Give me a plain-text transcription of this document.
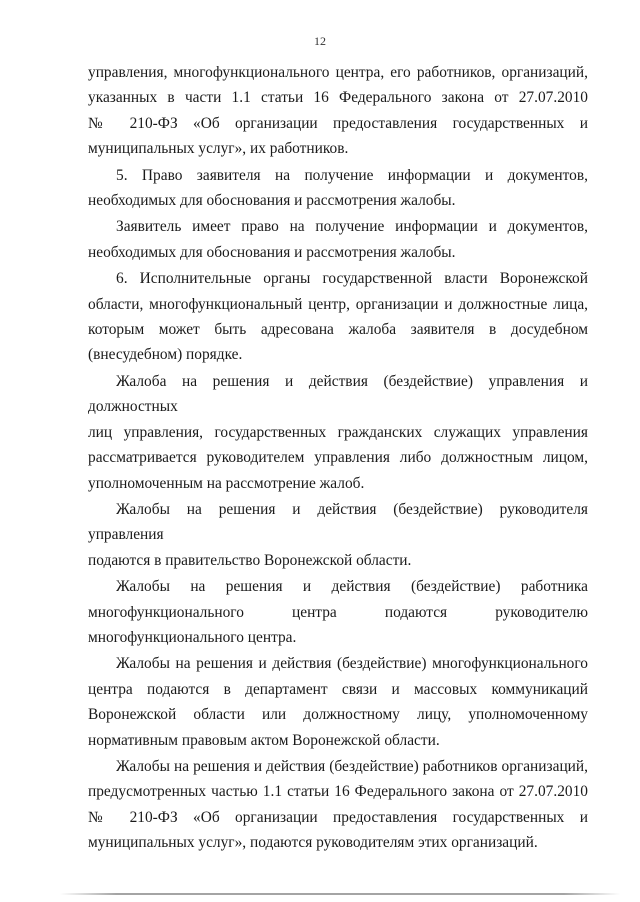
12
управления, многофункционального центра, его работников, организаций,
указанных в части 1.1 статьи 16 Федерального закона от 27.07.2010
№ 210-ФЗ «Об организации предоставления государственных и
муниципальных услуг», их работников.
5. Право заявителя на получение информации и документов,
необходимых для обоснования и рассмотрения жалобы.
Заявитель имеет право на получение информации и документов,
необходимых для обоснования и рассмотрения жалобы.
6. Исполнительные органы государственной власти Воронежской
области, многофункциональный центр, организации и должностные лица,
которым может быть адресована жалоба заявителя в досудебном
(внесудебном) порядке.
Жалоба на решения и действия (бездействие) управления и должностных
лиц управления, государственных гражданских служащих управления
рассматривается руководителем управления либо должностным лицом,
уполномоченным на рассмотрение жалоб.
Жалобы на решения и действия (бездействие) руководителя управления
подаются в правительство Воронежской области.
Жалобы на решения и действия (бездействие) работника
многофункционального центра подаются руководителю
многофункционального центра.
Жалобы на решения и действия (бездействие) многофункционального
центра подаются в департамент связи и массовых коммуникаций
Воронежской области или должностному лицу, уполномоченному
нормативным правовым актом Воронежской области.
Жалобы на решения и действия (бездействие) работников организаций,
предусмотренных частью 1.1 статьи 16 Федерального закона от 27.07.2010
№ 210-ФЗ «Об организации предоставления государственных и
муниципальных услуг», подаются руководителям этих организаций.
